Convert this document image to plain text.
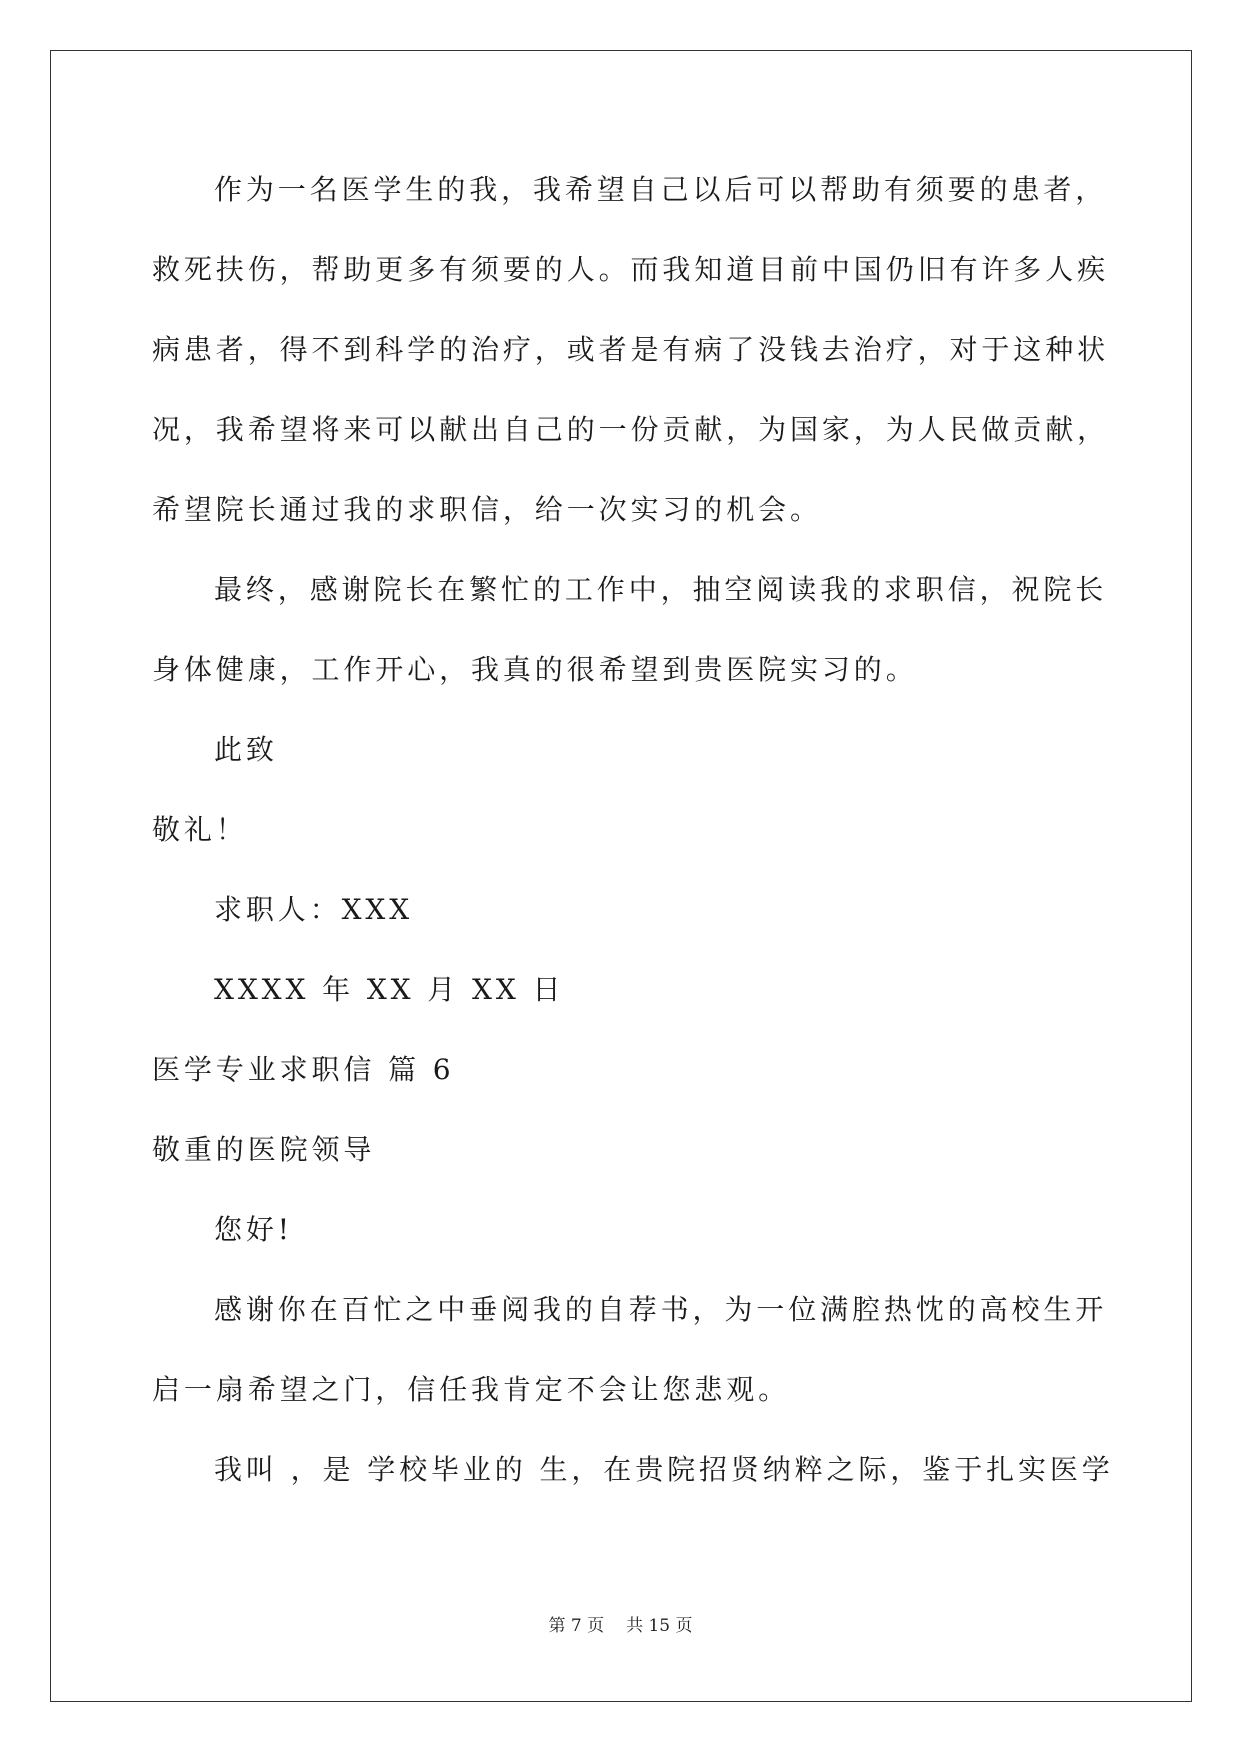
作为一名医学生的我，我希望自己以后可以帮助有须要的患者，
救死扶伤，帮助更多有须要的人。而我知道目前中国仍旧有许多人疾
病患者，得不到科学的治疗，或者是有病了没钱去治疗，对于这种状
况，我希望将来可以献出自己的一份贡献，为国家，为人民做贡献，
希望院长通过我的求职信，给一次实习的机会。
最终，感谢院长在繁忙的工作中，抽空阅读我的求职信，祝院长
身体健康，工作开心，我真的很希望到贵医院实习的。
此致
敬礼！
求职人：XXX
XXXX 年 XX 月 XX 日
医学专业求职信 篇 6
敬重的医院领导
您好!
感谢你在百忙之中垂阅我的自荐书，为一位满腔热忱的高校生开
启一扇希望之门，信任我肯定不会让您悲观。
我叫 ，是 学校毕业的 生，在贵院招贤纳粹之际，鉴于扎实医学
第 7 页 共 15 页
